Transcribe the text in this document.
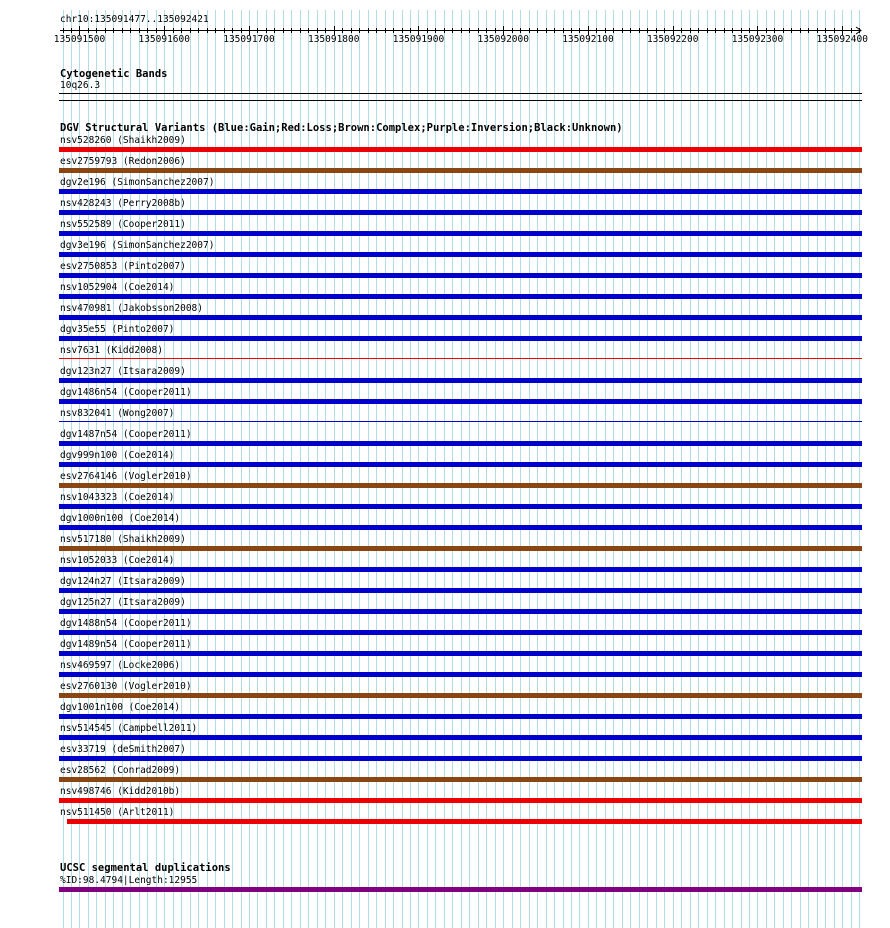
chr10:135091477..135092421
135091500	135091600	135091700	135091800	135091900	135092000	135092100	135092200	135092300	135092400
Cytogenetic Bands
10q26.3
DGV Structural Variants (Blue:Gain;Red:Loss;Brown:Complex;Purple:Inversion;Black:Unknown)
nsv528260 (Shaikh2009)
esv2759793 (Redon2006)
dgv2e196 (SimonSanchez2007)
nsv428243 (Perry2008b)
nsv552589 (Cooper2011)
dgv3e196 (SimonSanchez2007)
esv2750853 (Pinto2007)
nsv1052904 (Coe2014)
nsv470981 (Jakobsson2008)
dgv35e55 (Pinto2007)
nsv7631 (Kidd2008)
dgv123n27 (Itsara2009)
dgv1486n54 (Cooper2011)
nsv832041 (Wong2007)
dgv1487n54 (Cooper2011)
dgv999n100 (Coe2014)
esv2764146 (Vogler2010)
nsv1043323 (Coe2014)
dgv1000n100 (Coe2014)
nsv517180 (Shaikh2009)
nsv1052033 (Coe2014)
dgv124n27 (Itsara2009)
dgv125n27 (Itsara2009)
dgv1488n54 (Cooper2011)
dgv1489n54 (Cooper2011)
nsv469597 (Locke2006)
esv2760130 (Vogler2010)
dgv1001n100 (Coe2014)
nsv514545 (Campbell2011)
esv33719 (deSmith2007)
esv28562 (Conrad2009)
nsv498746 (Kidd2010b)
nsv511450 (Arlt2011)
UCSC segmental duplications
%ID:98.4794|Length:12955
